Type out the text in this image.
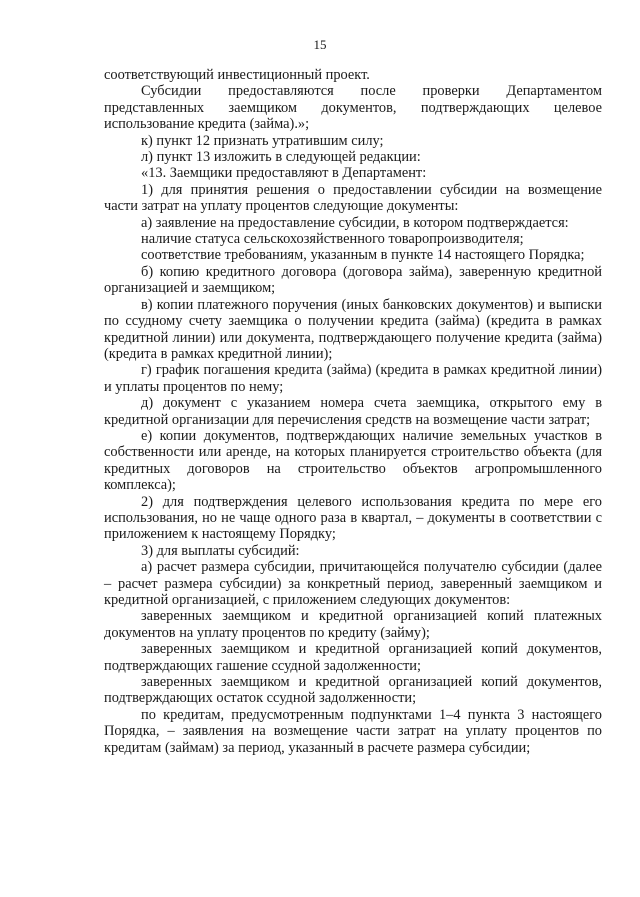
15

соответствующий инвестиционный проект.

Субсидии предоставляются после проверки Департаментом представленных заемщиком документов, подтверждающих целевое использование кредита (займа).»;

к) пункт 12 признать утратившим силу;

л) пункт 13 изложить в следующей редакции:

«13. Заемщики предоставляют в Департамент:

1) для принятия решения о предоставлении субсидии на возмещение части затрат на уплату процентов следующие документы:

а) заявление на предоставление субсидии, в котором подтверждается:

наличие статуса сельскохозяйственного товаропроизводителя;

соответствие требованиям, указанным в пункте 14 настоящего Порядка;

б) копию кредитного договора (договора займа), заверенную кредитной организацией и заемщиком;

в) копии платежного поручения (иных банковских документов) и выписки по ссудному счету заемщика о получении кредита (займа) (кредита в рамках кредитной линии) или документа, подтверждающего получение кредита (займа) (кредита в рамках кредитной линии);

г) график погашения кредита (займа) (кредита в рамках кредитной линии) и уплаты процентов по нему;

д) документ с указанием номера счета заемщика, открытого ему в кредитной организации для перечисления средств на возмещение части затрат;

е) копии документов, подтверждающих наличие земельных участков в собственности или аренде, на которых планируется строительство объекта (для кредитных договоров на строительство объектов агропромышленного комплекса);

2) для подтверждения целевого использования кредита по мере его использования, но не чаще одного раза в квартал, – документы в соответствии с приложением к настоящему Порядку;

3) для выплаты субсидий:

а) расчет размера субсидии, причитающейся получателю субсидии (далее – расчет размера субсидии) за конкретный период, заверенный заемщиком и кредитной организацией, с приложением следующих документов:

заверенных заемщиком и кредитной организацией копий платежных документов на уплату процентов по кредиту (займу);

заверенных заемщиком и кредитной организацией копий документов, подтверждающих гашение ссудной задолженности;

заверенных заемщиком и кредитной организацией копий документов, подтверждающих остаток ссудной задолженности;

по кредитам, предусмотренным подпунктами 1–4 пункта 3 настоящего Порядка, – заявления на возмещение части затрат на уплату процентов по кредитам (займам) за период, указанный в расчете размера субсидии;
